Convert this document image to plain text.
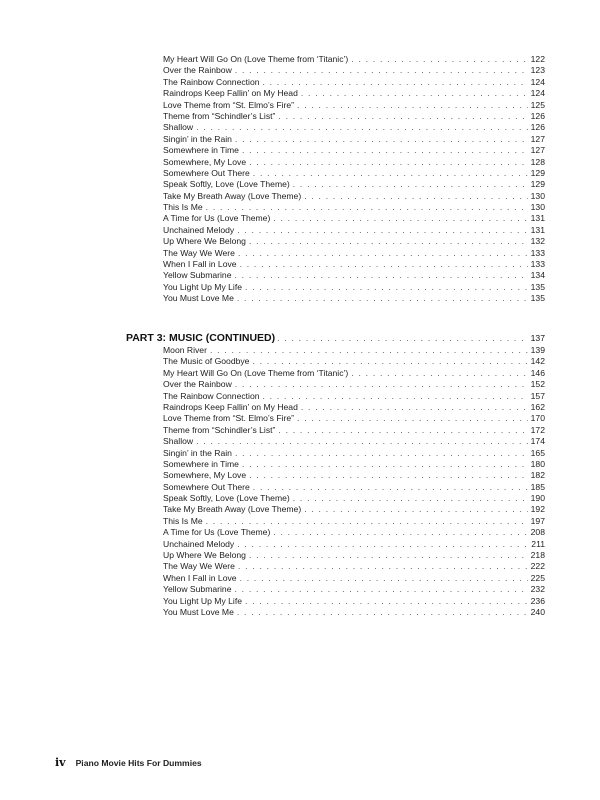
My Heart Will Go On (Love Theme from ‘Titanic’) . . .	122
Over the Rainbow . . .	123
The Rainbow Connection . . .	124
Raindrops Keep Fallin’ on My Head . . .	124
Love Theme from “St. Elmo’s Fire” . . .	125
Theme from “Schindler’s List” . . .	126
Shallow . . .	126
Singin’ in the Rain . . .	127
Somewhere in Time . . .	127
Somewhere, My Love . . .	128
Somewhere Out There . . .	129
Speak Softly, Love (Love Theme) . . .	129
Take My Breath Away (Love Theme) . . .	130
This Is Me . . .	130
A Time for Us (Love Theme) . . .	131
Unchained Melody . . .	131
Up Where We Belong . . .	132
The Way We Were . . .	133
When I Fall in Love . . .	133
Yellow Submarine . . .	134
You Light Up My Life . . .	135
You Must Love Me . . .	135
PART 3: MUSIC (CONTINUED) . . .	137
Moon River . . .	139
The Music of Goodbye . . .	142
My Heart Will Go On (Love Theme from ‘Titanic’) . . .	146
Over the Rainbow . . .	152
The Rainbow Connection . . .	157
Raindrops Keep Fallin’ on My Head . . .	162
Love Theme from “St. Elmo’s Fire” . . .	170
Theme from “Schindler’s List” . . .	172
Shallow . . .	174
Singin’ in the Rain . . .	165
Somewhere in Time . . .	180
Somewhere, My Love . . .	182
Somewhere Out There . . .	185
Speak Softly, Love (Love Theme) . . .	190
Take My Breath Away (Love Theme) . . .	192
This Is Me . . .	197
A Time for Us (Love Theme) . . .	208
Unchained Melody . . .	211
Up Where We Belong . . .	218
The Way We Were . . .	222
When I Fall in Love . . .	225
Yellow Submarine . . .	232
You Light Up My Life . . .	236
You Must Love Me . . .	240
iv Piano Movie Hits For Dummies
